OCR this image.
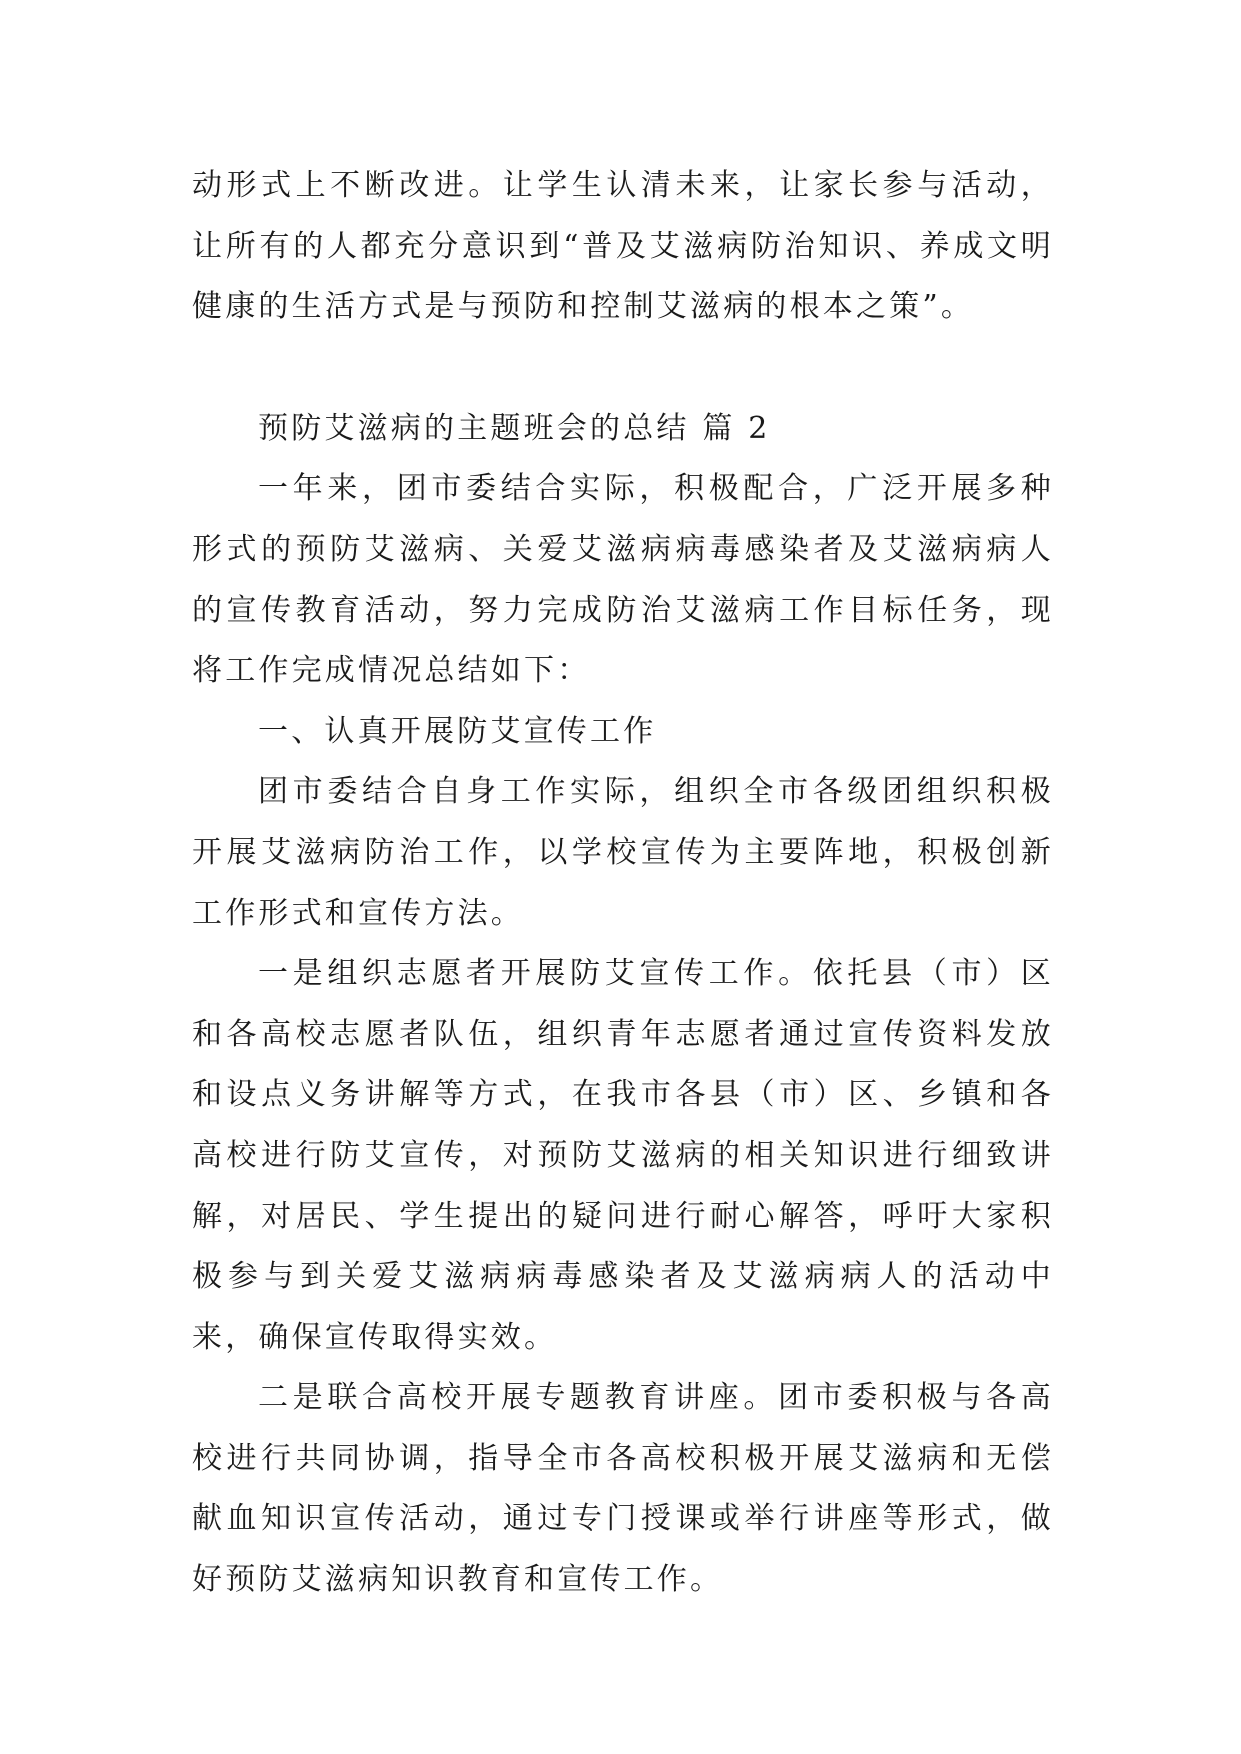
动形式上不断改进。让学生认清未来，让家长参与活动，让所有的人都充分意识到“普及艾滋病防治知识、养成文明健康的生活方式是与预防和控制艾滋病的根本之策”。

预防艾滋病的主题班会的总结 篇 2

一年来，团市委结合实际，积极配合，广泛开展多种形式的预防艾滋病、关爱艾滋病病毒感染者及艾滋病病人的宣传教育活动，努力完成防治艾滋病工作目标任务，现将工作完成情况总结如下：

一、认真开展防艾宣传工作

团市委结合自身工作实际，组织全市各级团组织积极开展艾滋病防治工作，以学校宣传为主要阵地，积极创新工作形式和宣传方法。

一是组织志愿者开展防艾宣传工作。依托县（市）区和各高校志愿者队伍，组织青年志愿者通过宣传资料发放和设点义务讲解等方式，在我市各县（市）区、乡镇和各高校进行防艾宣传，对预防艾滋病的相关知识进行细致讲解，对居民、学生提出的疑问进行耐心解答，呼吁大家积极参与到关爱艾滋病病毒感染者及艾滋病病人的活动中来，确保宣传取得实效。

二是联合高校开展专题教育讲座。团市委积极与各高校进行共同协调，指导全市各高校积极开展艾滋病和无偿献血知识宣传活动，通过专门授课或举行讲座等形式，做好预防艾滋病知识教育和宣传工作。
